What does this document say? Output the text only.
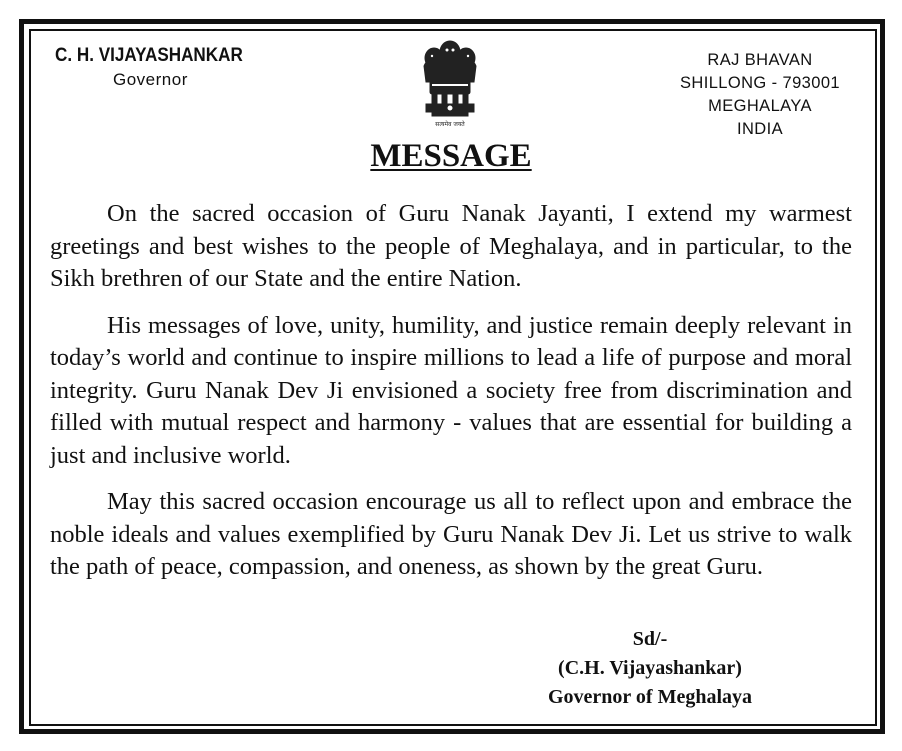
C. H. VIJAYASHANKAR
Governor
सत्यमेव जयते
RAJ BHAVAN
SHILLONG - 793001
MEGHALAYA
INDIA
MESSAGE

On the sacred occasion of Guru Nanak Jayanti, I extend my warmest greetings and best wishes to the people of Meghalaya, and in particular, to the Sikh brethren of our State and the entire Nation.

His messages of love, unity, humility, and justice remain deeply relevant in today’s world and continue to inspire millions to lead a life of purpose and moral integrity. Guru Nanak Dev Ji envisioned a society free from discrimination and filled with mutual respect and harmony - values that are essential for building a just and inclusive world.

May this sacred occasion encourage us all to reflect upon and embrace the noble ideals and values exemplified by Guru Nanak Dev Ji. Let us strive to walk the path of peace, compassion, and oneness, as shown by the great Guru.

Sd/-
(C.H. Vijayashankar)
Governor of Meghalaya
